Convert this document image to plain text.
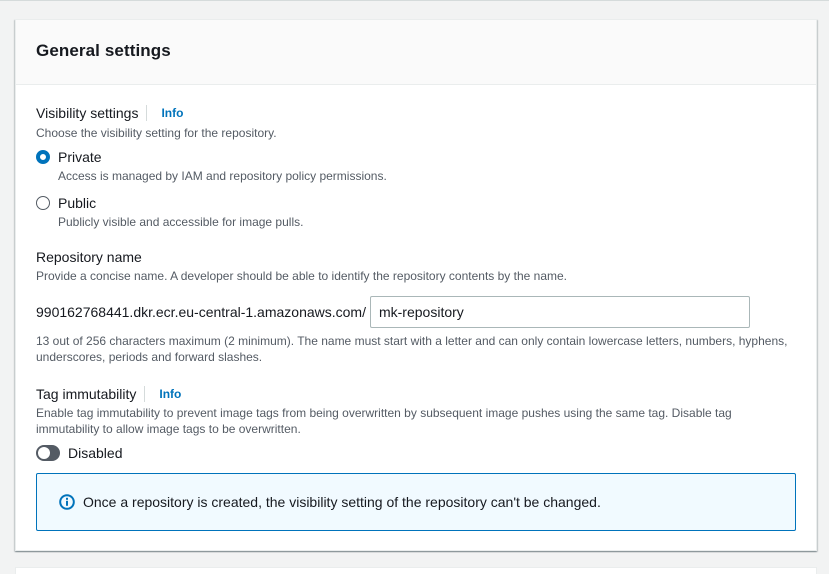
General settings
Visibility settings Info
Choose the visibility setting for the repository.
Private
Access is managed by IAM and repository policy permissions.
Public
Publicly visible and accessible for image pulls.
Repository name
Provide a concise name. A developer should be able to identify the repository contents by the name.
990162768441.dkr.ecr.eu-central-1.amazonaws.com/
mk-repository
13 out of 256 characters maximum (2 minimum). The name must start with a letter and can only contain lowercase letters, numbers, hyphens, underscores, periods and forward slashes.
Tag immutability Info
Enable tag immutability to prevent image tags from being overwritten by subsequent image pushes using the same tag. Disable tag immutability to allow image tags to be overwritten.
Disabled
Once a repository is created, the visibility setting of the repository can't be changed.
